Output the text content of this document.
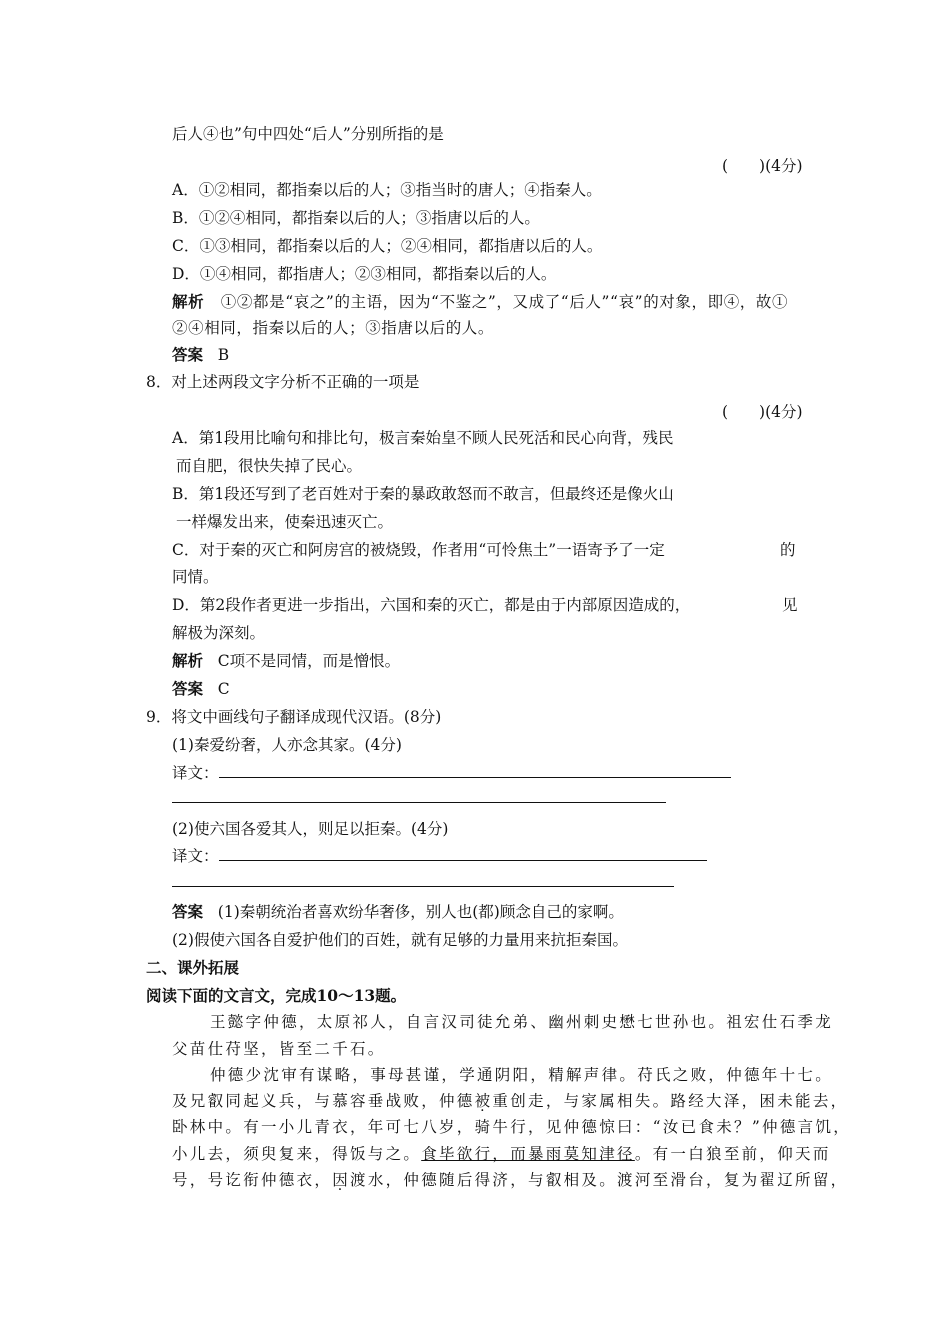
后人④也”句中四处“后人”分别所指的是
(　　)(4分)
A．①②相同，都指秦以后的人；③指当时的唐人；④指秦人。
B．①②④相同，都指秦以后的人；③指唐以后的人。
C．①③相同，都指秦以后的人；②④相同，都指唐以后的人。
D．①④相同，都指唐人；②③相同，都指秦以后的人。
解析 ①②都是“哀之”的主语，因为“不鉴之”，又成了“后人”“哀”的对象，即④，故①
②④相同，指秦以后的人；③指唐以后的人。
答案 B
8．对上述两段文字分析不正确的一项是
(　　)(4分)
A．第1段用比喻句和排比句，极言秦始皇不顾人民死活和民心向背，残民
而自肥，很快失掉了民心。
B．第1段还写到了老百姓对于秦的暴政敢怒而不敢言，但最终还是像火山
一样爆发出来，使秦迅速灭亡。
C．对于秦的灭亡和阿房宫的被烧毁，作者用“可怜焦土”一语寄予了一定	的
同情。
D．第2段作者更进一步指出，六国和秦的灭亡，都是由于内部原因造成的，	见
解极为深刻。
解析 C项不是同情，而是憎恨。
答案 C
9．将文中画线句子翻译成现代汉语。(8分)
(1)秦爱纷奢，人亦念其家。(4分)
译文：
(2)使六国各爱其人，则足以拒秦。(4分)
译文：
答案 (1)秦朝统治者喜欢纷华奢侈，别人也(都)顾念自己的家啊。
(2)假使六国各自爱护他们的百姓，就有足够的力量用来抗拒秦国。
二、课外拓展
阅读下面的文言文，完成10～13题。
王懿字仲德，太原祁人，自言汉司徒允弟、幽州刺史懋七世孙也。祖宏仕石季龙
父苗仕苻坚，皆至二千石。
仲德少沈审有谋略，事母甚谨，学通阴阳，精解声律。苻氏之败，仲德年十七。
及兄叡同起义兵，与慕容垂战败，仲德被重创走，与家属相失。路经大泽，困未能去，
卧林中。有一小儿青衣，年可七八岁，骑牛行，见仲德惊曰：“汝已食未？”仲德言饥，
小儿去，须臾复来，得饭与之。食毕欲行，而暴雨莫知津径。有一白狼至前，仰天而
号，号讫衔仲德衣，因渡水，仲德随后得济，与叡相及。渡河至滑台，复为翟辽所留，
